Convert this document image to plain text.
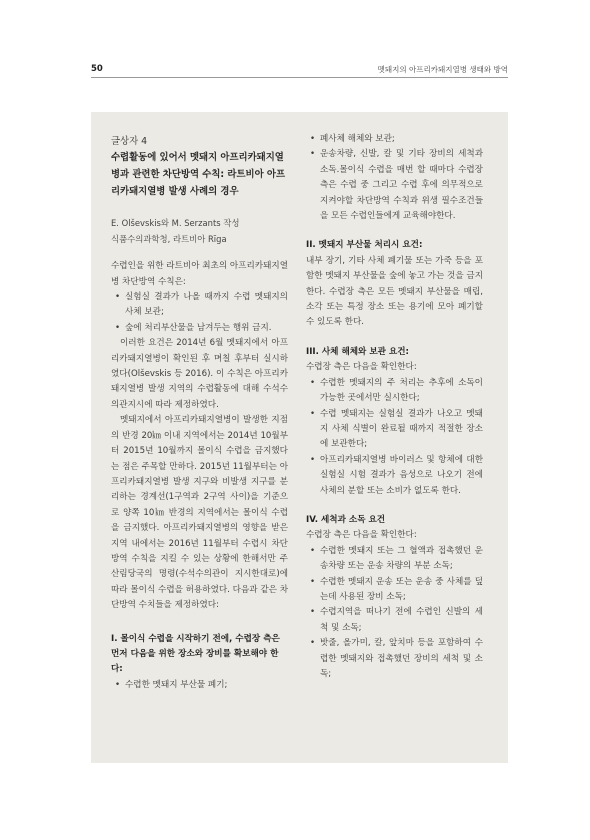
50	멧돼지의 아프리카돼지열병 생태와 방역

글상자 4

수렵활동에 있어서 멧돼지 아프리카돼지열병과 관련한 차단방역 수칙: 라트비아 아프리카돼지열병 발생 사례의 경우

E. Olševskis와 M. Serzants 작성
식품수의과학청, 라트비아 Rīga

수렵인을 위한 라트비아 최초의 아프리카돼지열병 차단방역 수칙은:

• 실험실 결과가 나올 때까지 수렵 멧돼지의 사체 보관;
• 숲에 처리부산물을 남겨두는 행위 금지.

이러한 요건은 2014년 6월 멧돼지에서 아프리카돼지열병이 확인된 후 며칠 후부터 실시하였다(Olševskis 등 2016). 이 수칙은 아프리카돼지열병 발생 지역의 수렵활동에 대해 수석수의관지시에 따라 제정하였다.

멧돼지에서 아프리카돼지열병이 발생한 지점의 반경 20㎞ 이내 지역에서는 2014년 10월부터 2015년 10월까지 몰이식 수렵을 금지했다는 점은 주목할 만하다. 2015년 11월부터는 아프리카돼지열병 발생 지구와 비발생 지구를 분리하는 경계선(1구역과 2구역 사이)을 기준으로 양쪽 10㎞ 반경의 지역에서는 몰이식 수렵을 금지했다. 아프리카돼지열병의 영향을 받은 지역 내에서는 2016년 11월부터 수렵시 차단방역 수칙을 지킬 수 있는 상황에 한해서만 주 산림당국의 명령(수석수의관이 지시한대로)에 따라 몰이식 수렵을 허용하였다. 다음과 같은 차단방역 수치들을 제정하였다:

I. 몰이식 수렵을 시작하기 전에, 수렵장 측은 먼저 다음을 위한 장소와 장비를 확보해야 한다:

• 수렵한 멧돼지 부산물 폐기;
• 폐사체 해체와 보관;
• 운송차량, 신발, 칼 및 기타 장비의 세척과 소독.몰이식 수렵을 매번 할 때마다 수렵장 측은 수렵 중 그리고 수렵 후에 의무적으로 지켜야할 차단방역 수칙과 위생 필수조건들을 모든 수렵인들에게 교육해야한다.

II. 멧돼지 부산물 처리시 요건:

내부 장기, 기타 사체 폐기물 또는 가죽 등을 포함한 멧돼지 부산물을 숲에 놓고 가는 것을 금지한다. 수렵장 측은 모든 멧돼지 부산물을 매립, 소각 또는 특정 장소 또는 용기에 모아 폐기할 수 있도록 한다.

III. 사체 해체와 보관 요건:

수렵장 측은 다음을 확인한다:

• 수렵한 멧돼지의 주 처리는 추후에 소독이 가능한 곳에서만 실시한다;
• 수렵 멧돼지는 실험실 결과가 나오고 멧돼지 사체 식별이 완료될 때까지 적절한 장소에 보관한다;
• 아프리카돼지열병 바이러스 및 항체에 대한 실험실 시험 결과가 음성으로 나오기 전에 사체의 분할 또는 소비가 없도록 한다.

IV. 세척과 소독 요건

수렵장 측은 다음을 확인한다:

• 수렵한 멧돼지 또는 그 혈액과 접촉했던 운송차량 또는 운송 차량의 부분 소독;
• 수렵한 멧돼지 운송 또는 운송 중 사체를 덮는데 사용된 장비 소독;
• 수렵지역을 떠나기 전에 수렵인 신발의 세척 및 소독;
• 밧줄, 올가미, 칼, 앞치마 등을 포함하여 수렵한 멧돼지와 접촉했던 장비의 세척 및 소독;
